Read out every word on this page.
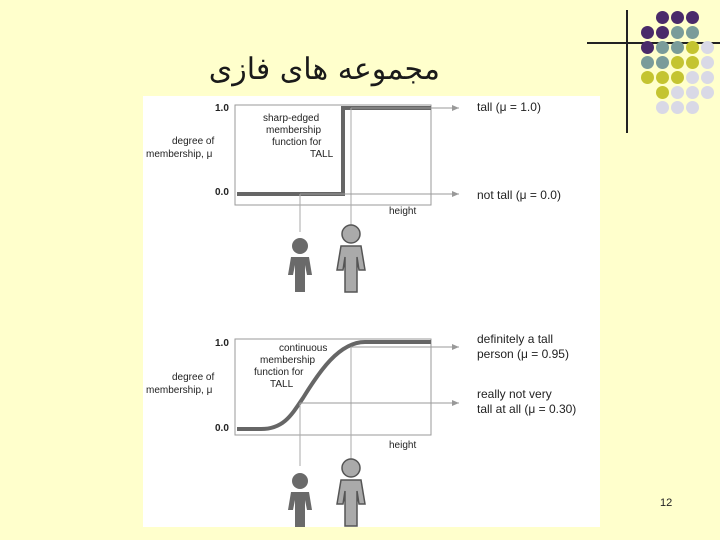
مجموعه های فازی
1.0
0.0
degree of
membership, μ
height
sharp-edged
membership
function for
TALL
tall (μ = 1.0)
not tall (μ = 0.0)
1.0
0.0
degree of
membership, μ
height
continuous
membership
function for
TALL
definitely a tall
person (μ = 0.95)
really not very
tall at all (μ = 0.30)
12
